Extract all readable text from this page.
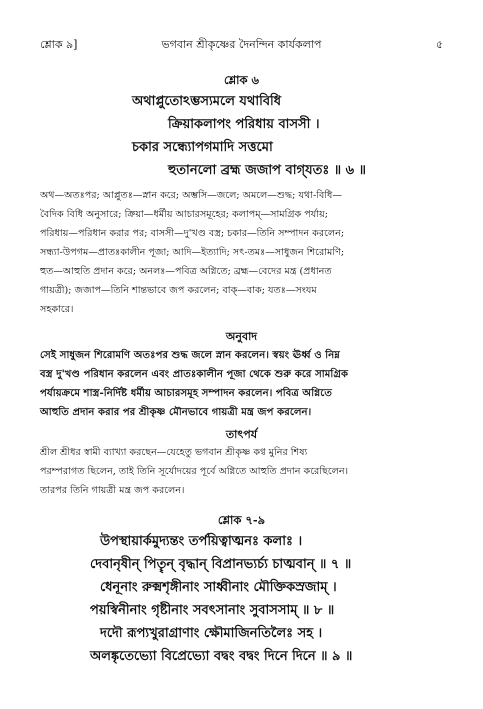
শ্লোক ৯]	ভগবান শ্রীকৃষ্ণের দৈনন্দিন কার্যকলাপ	৫
শ্লোক ৬
অথাপ্লুতোঽম্ভস্যমলে যথাবিধি
ক্রিয়াকলাপং পরিধায় বাসসী ।
চকার সন্ধ্যোপগমাদি সত্তমো
হুতানলো ব্রহ্ম জজাপ বাগ্‌যতঃ ॥ ৬ ॥
অথ—অতঃপর; আপ্লুতঃ—স্নান করে; অম্ভসি—জলে; অমলে—শুদ্ধ; যথা-বিধি—
বৈদিক বিধি অনুসারে; ক্রিয়া—ধর্মীয় আচারসমূহের; কলাপম্—সামগ্রিক পর্যায়;
পরিধায়—পরিধান করার পর; বাসসী—দু'খণ্ড বস্ত্র; চকার—তিনি সম্পাদন করলেন;
সন্ধ্যা-উপগম—প্রাতঃকালীন পূজা; আদি—ইত্যাদি; সৎ-তমঃ—সাধুজন শিরোমণি;
হুত—আহুতি প্রদান করে; অনলঃ—পবিত্র অগ্নিতে; ব্রহ্ম—বেদের মন্ত্র (প্রধানত
গায়ত্রী); জজাপ—তিনি শান্তভাবে জপ করলেন; বাক্—বাক; যতঃ—সংযম
সহকারে।
অনুবাদ
সেই সাধুজন শিরোমণি অতঃপর শুদ্ধ জলে স্নান করলেন। স্বয়ং ঊর্ধ্ব ও নিম্ন
বস্ত্র দু'খণ্ড পরিধান করলেন এবং প্রাতঃকালীন পূজা থেকে শুরু করে সামগ্রিক
পর্যায়ক্রমে শাস্ত্র-নির্দিষ্ট ধর্মীয় আচারসমূহ সম্পাদন করলেন। পবিত্র অগ্নিতে
আহুতি প্রদান করার পর শ্রীকৃষ্ণ মৌনভাবে গায়ত্রী মন্ত্র জপ করলেন।
তাৎপর্য
শ্রীল শ্রীধর স্বামী ব্যাখ্যা করছেন—যেহেতু ভগবান শ্রীকৃষ্ণ কণ্ব মুনির শিষ্য
পরম্পরাগত ছিলেন, তাই তিনি সূর্যোদয়ের পূর্বে অগ্নিতে আহুতি প্রদান করেছিলেন।
তারপর তিনি গায়ত্রী মন্ত্র জপ করলেন।
শ্লোক ৭-৯
উপস্থায়ার্কমুদ্যন্তং তর্পয়িত্বাত্মনঃ কলাঃ ।
দেবানৃষীন্ পিতৄন্ বৃদ্ধান্ বিপ্রানভ্যর্চ্য চাত্মবান্ ॥ ৭ ॥
ধেনূনাং রুক্মশৃঙ্গীনাং সাধ্বীনাং মৌক্তিকস্রজাম্ ।
পয়স্বিনীনাং গৃষ্টীনাং সবৎসানাং সুবাসসাম্ ॥ ৮ ॥
দদৌ রূপ্যখুরাগ্রাণাং ক্ষৌমাজিনতিলৈঃ সহ ।
অলঙ্কৃতেভ্যো বিপ্রেভ্যো বদ্বং বদ্বং দিনে দিনে ॥ ৯ ॥
